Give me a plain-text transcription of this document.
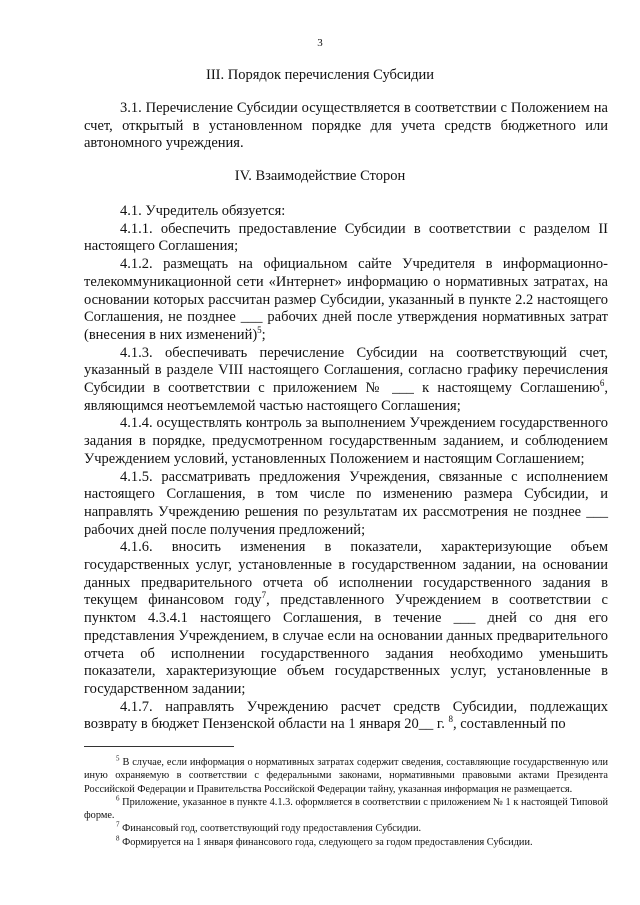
3
III. Порядок перечисления Субсидии

3.1. Перечисление Субсидии осуществляется в соответствии с Положением на счет, открытый в установленном порядке для учета средств бюджетного или автономного учреждения.

IV. Взаимодействие Сторон

4.1. Учредитель обязуется:

4.1.1. обеспечить предоставление Субсидии в соответствии с разделом II настоящего Соглашения;

4.1.2. размещать на официальном сайте Учредителя в информационно-телекоммуникационной сети «Интернет» информацию о нормативных затратах, на основании которых рассчитан размер Субсидии, указанный в пункте 2.2 настоящего Соглашения, не позднее ___ рабочих дней после утверждения нормативных затрат (внесения в них изменений)$^5$;

4.1.3. обеспечивать перечисление Субсидии на соответствующий счет, указанный в разделе VIII настоящего Соглашения, согласно графику перечисления Субсидии в соответствии с приложением № ___ к настоящему Соглашению$^6$, являющимся неотъемлемой частью настоящего Соглашения;

4.1.4. осуществлять контроль за выполнением Учреждением государственного задания в порядке, предусмотренном государственным заданием, и соблюдением Учреждением условий, установленных Положением и настоящим Соглашением;

4.1.5. рассматривать предложения Учреждения, связанные с исполнением настоящего Соглашения, в том числе по изменению размера Субсидии, и направлять Учреждению решения по результатам их рассмотрения не позднее ___ рабочих дней после получения предложений;

4.1.6. вносить изменения в показатели, характеризующие объем государственных услуг, установленные в государственном задании, на основании данных предварительного отчета об исполнении государственного задания в текущем финансовом году$^7$, представленного Учреждением в соответствии с пунктом 4.3.4.1 настоящего Соглашения, в течение ___ дней со дня его представления Учреждением, в случае если на основании данных предварительного отчета об исполнении государственного задания необходимо уменьшить показатели, характеризующие объем государственных услуг, установленные в государственном задании;

4.1.7. направлять Учреждению расчет средств Субсидии, подлежащих возврату в бюджет Пензенской области на 1 января 20__ г. $^8$, составленный по

$^5$ В случае, если информация о нормативных затратах содержит сведения, составляющие государственную или иную охраняемую в соответствии с федеральными законами, нормативными правовыми актами Президента Российской Федерации и Правительства Российской Федерации тайну, указанная информация не размещается.

$^6$ Приложение, указанное в пункте 4.1.3. оформляется в соответствии с приложением № 1 к настоящей Типовой форме.

$^7$ Финансовый год, соответствующий году предоставления Субсидии.

$^8$ Формируется на 1 января финансового года, следующего за годом предоставления Субсидии.
